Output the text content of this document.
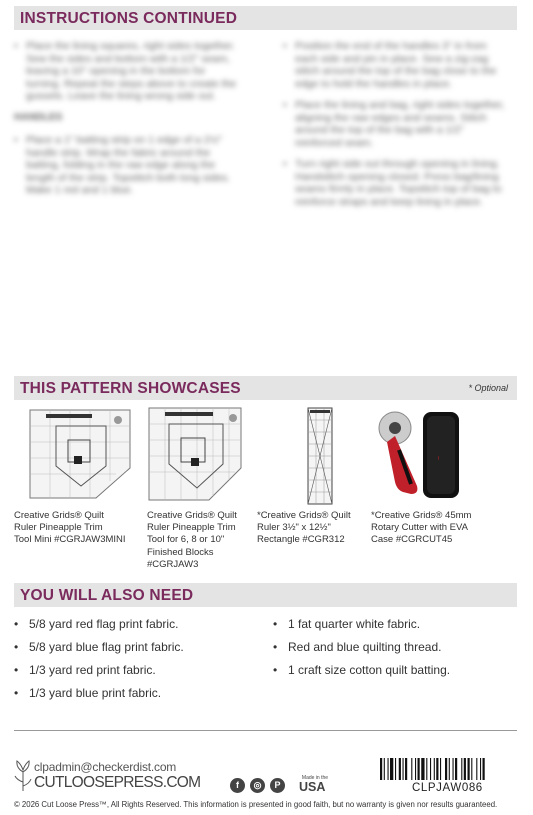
INSTRUCTIONS CONTINUED
• Place the lining squares, right sides together. Sew the sides and bottom with a 1/2" seam, leaving a 10" opening in the bottom for turning. Repeat the steps above to create the gussets. Leave the lining wrong side out.
HANDLES
• Place a 1" batting strip on 1 edge of a 2½" handle strip. Wrap the fabric around the batting, folding in the raw edge along the length of the strip. Topstitch both long sides. Make 1 red and 1 blue.
• Position the end of the handles 3" in from each side and pin in place. Sew a zig-zag stitch around the top of the bag close to the edge to hold the handles in place.
• Place the lining and bag, right sides together, aligning the raw edges and seams. Stitch around the top of the bag with a 1/2" reinforced seam.
• Turn right side out through opening in lining. Handstitch opening closed. Press bag/lining seams firmly in place. Topstitch top of bag to reinforce straps and keep lining in place.
THIS PATTERN SHOWCASES	* Optional
Creative Grids® Quilt
Ruler Pineapple Trim
Tool Mini #CGRJAW3MINI
Creative Grids® Quilt
Ruler Pineapple Trim
Tool for 6, 8 or 10"
Finished Blocks
#CGRJAW3
*Creative Grids® Quilt
Ruler 3½" x 12½"
Rectangle #CGR312
~
*Creative Grids® 45mm
Rotary Cutter with EVA
Case #CGRCUT45
YOU WILL ALSO NEED
• 5/8 yard red flag print fabric.
• 5/8 yard blue flag print fabric.
• 1/3 yard red print fabric.
• 1/3 yard blue print fabric.
• 1 fat quarter white fabric.
• Red and blue quilting thread.
• 1 craft size cotton quilt batting.
clpadmin@checkerdist.com
CUTLOOSEPRESS.COM	f	◎	P
Made in the
USA	CLPJAW086
© 2026 Cut Loose Press™, All Rights Reserved. This information is presented in good faith, but no warranty is given nor results guaranteed.
